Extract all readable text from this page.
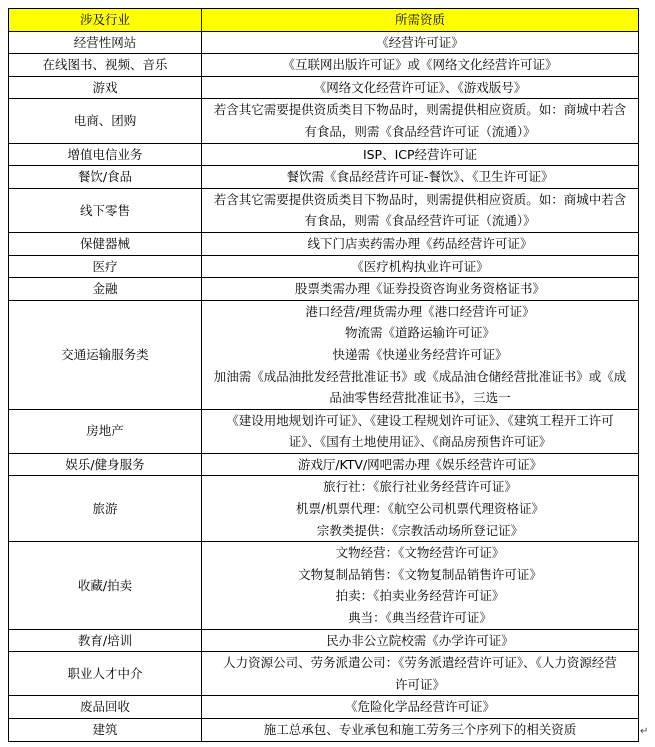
涉及行业	所需资质
经营性网站	《经营许可证》

在线图书、视频、音乐	《互联网出版许可证》或《网络文化经营许可证》

游戏	《网络文化经营许可证》、《游戏版号》

电商、团购	若含其它需要提供资质类目下物品时，则需提供相应资质。如：商城中若含
有食品，则需《食品经营许可证（流通）》

增值电信业务	ISP、ICP经营许可证

餐饮/食品	餐饮需《食品经营许可证-餐饮》、《卫生许可证》

线下零售	若含其它需要提供资质类目下物品时，则需提供相应资质。如：商城中若含
有食品，则需《食品经营许可证（流通）》

保健器械	线下门店卖药需办理《药品经营许可证》

医疗	《医疗机构执业许可证》

金融	股票类需办理《证券投资咨询业务资格证书》

交通运输服务类	港口经营/理货需办理《港口经营许可证》
物流需《道路运输许可证》
快递需《快递业务经营许可证》
加油需《成品油批发经营批准证书》或《成品油仓储经营批准证书》或《成
品油零售经营批准证书》，三选一

房地产	《建设用地规划许可证》、《建设工程规划许可证》、《建筑工程开工许可
证》、《国有土地使用证》、《商品房预售许可证》

娱乐/健身服务	游戏厅/KTV/网吧需办理《娱乐经营许可证》

旅游	旅行社：《旅行社业务经营许可证》
机票/机票代理：《航空公司机票代理资格证》
宗教类提供：《宗教活动场所登记证》

收藏/拍卖	文物经营：《文物经营许可证》
文物复制品销售：《文物复制品销售许可证》
拍卖：《拍卖业务经营许可证》
典当：《典当经营许可证》

教育/培训	民办非公立院校需《办学许可证》

职业人才中介	人力资源公司、劳务派遣公司：《劳务派遣经营许可证》、《人力资源经营
许可证》

废品回收	《危险化学品经营许可证》

建筑	施工总承包、专业承包和施工劳务三个序列下的相关资质	↵
